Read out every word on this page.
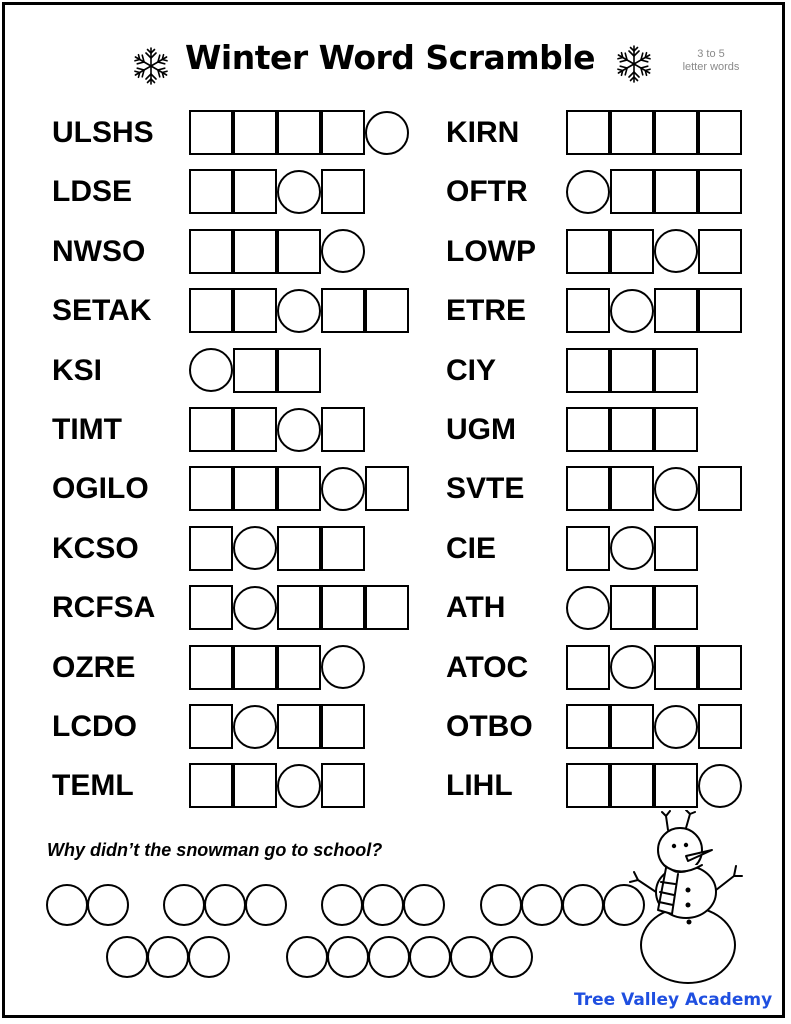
Winter Word Scramble	3 to 5
letter words
ULSHS
LDSE
NWSO
SETAK
KSI
TIMT
OGILO
KCSO
RCFSA
OZRE
LCDO
TEML
KIRN
OFTR
LOWP
ETRE
CIY
UGM
SVTE
CIE
ATH
ATOC
OTBO
LIHL
Why didn’t the snowman go to school?
Tree Valley Academy
